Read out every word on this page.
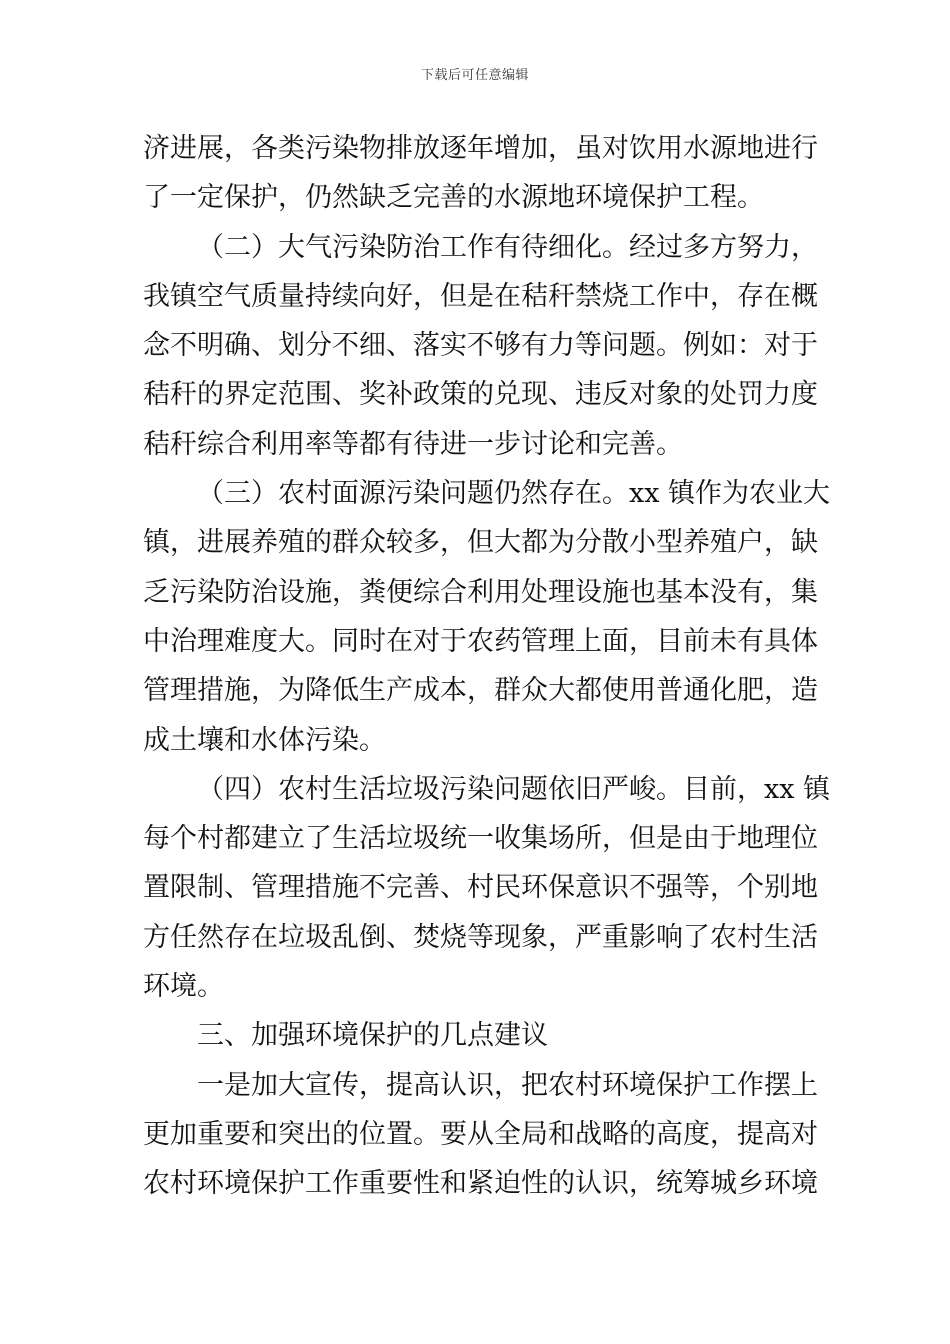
下载后可任意编辑
济进展，各类污染物排放逐年增加，虽对饮用水源地进行
了一定保护，仍然缺乏完善的水源地环境保护工程。
（二）大气污染防治工作有待细化。经过多方努力，
我镇空气质量持续向好，但是在秸秆禁烧工作中，存在概
念不明确、划分不细、落实不够有力等问题。例如：对于
秸秆的界定范围、奖补政策的兑现、违反对象的处罚力度
秸秆综合利用率等都有待进一步讨论和完善。
（三）农村面源污染问题仍然存在。xx 镇作为农业大
镇，进展养殖的群众较多，但大都为分散小型养殖户，缺
乏污染防治设施，粪便综合利用处理设施也基本没有，集
中治理难度大。同时在对于农药管理上面，目前未有具体
管理措施，为降低生产成本，群众大都使用普通化肥，造
成土壤和水体污染。
（四）农村生活垃圾污染问题依旧严峻。目前，xx 镇
每个村都建立了生活垃圾统一收集场所，但是由于地理位
置限制、管理措施不完善、村民环保意识不强等，个别地
方任然存在垃圾乱倒、焚烧等现象，严重影响了农村生活
环境。
三、加强环境保护的几点建议
一是加大宣传，提高认识，把农村环境保护工作摆上
更加重要和突出的位置。要从全局和战略的高度，提高对
农村环境保护工作重要性和紧迫性的认识，统筹城乡环境
